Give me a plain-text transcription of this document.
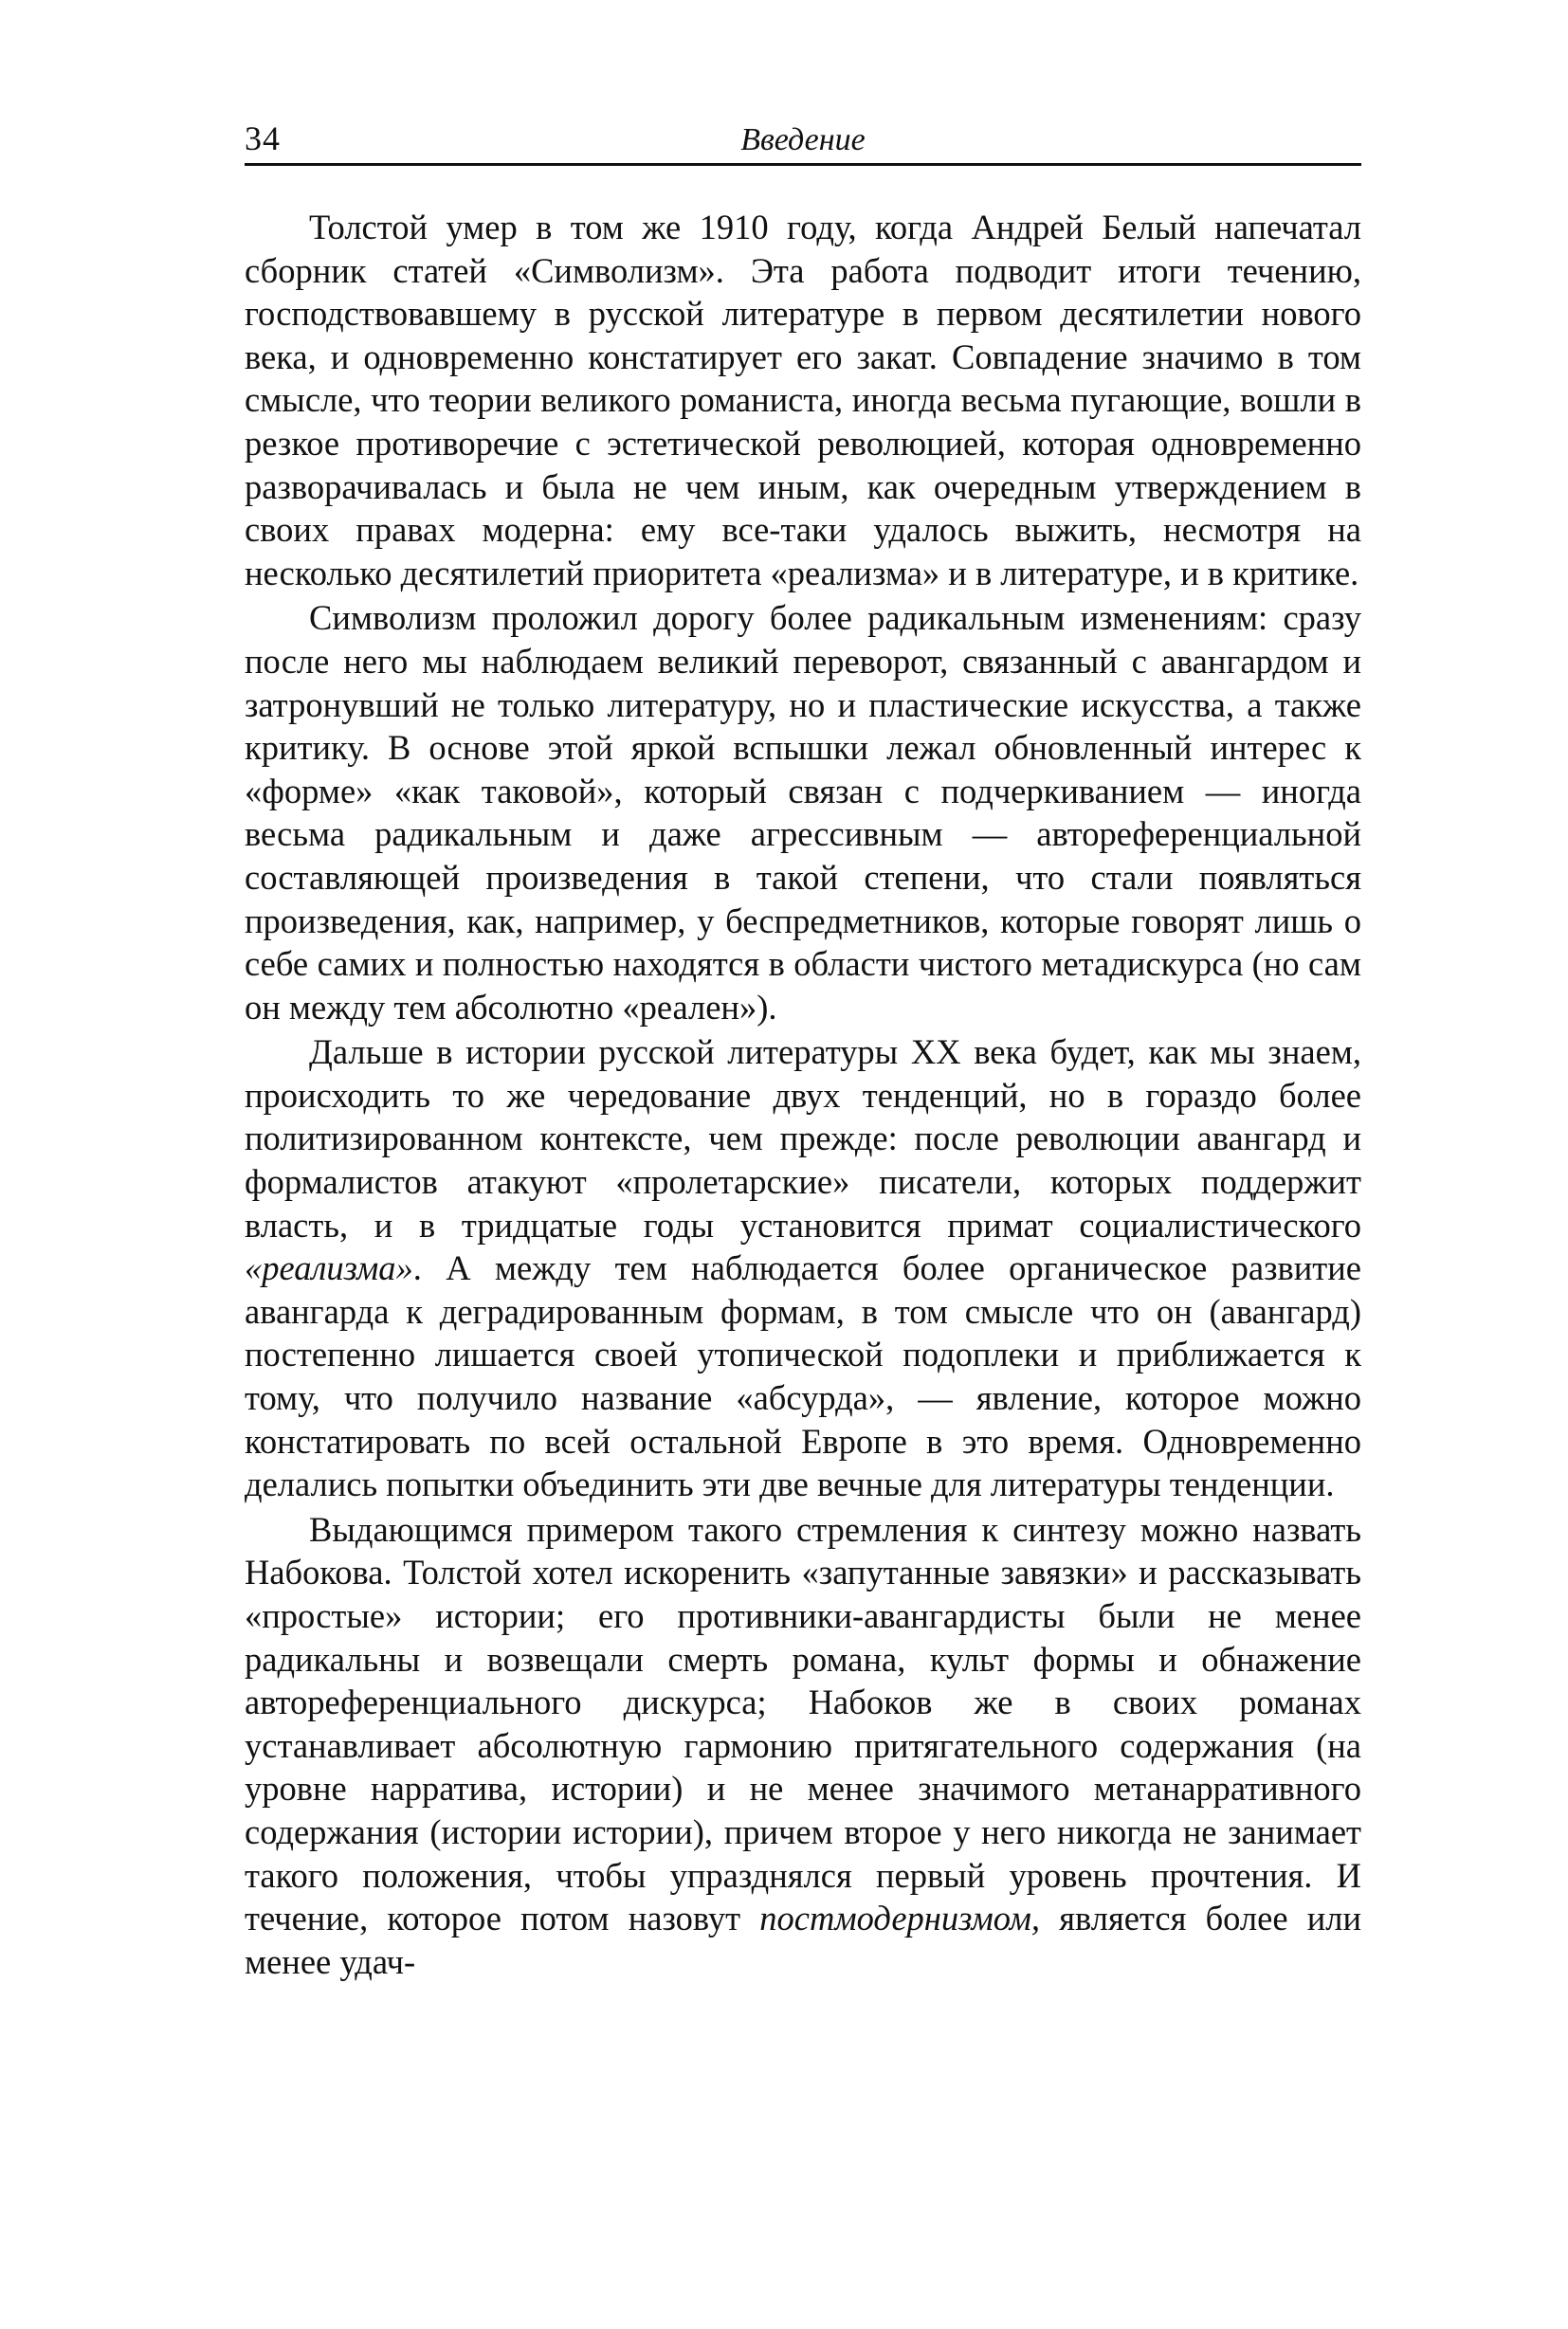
34	Введение

Толстой умер в том же 1910 году, когда Андрей Белый напечатал сборник статей «Символизм». Эта работа подводит итоги течению, господствовавшему в русской литературе в первом десятилетии нового века, и одновременно констатирует его закат. Совпадение значимо в том смысле, что теории великого романиста, иногда весьма пугающие, вошли в резкое противоречие с эстетической революцией, которая одновременно разворачивалась и была не чем иным, как очередным утверждением в своих правах модерна: ему все-таки удалось выжить, несмотря на несколько десятилетий приоритета «реализма» и в литературе, и в критике.

Символизм проложил дорогу более радикальным изменениям: сразу после него мы наблюдаем великий переворот, связанный с авангардом и затронувший не только литературу, но и пластические искусства, а также критику. В основе этой яркой вспышки лежал обновленный интерес к «форме» «как таковой», который связан с подчеркиванием — иногда весьма радикальным и даже агрессивным — автореференциальной составляющей произведения в такой степени, что стали появляться произведения, как, например, у беспредметников, которые говорят лишь о себе самих и полностью находятся в области чистого метадискурса (но сам он между тем абсолютно «реален»).

Дальше в истории русской литературы XX века будет, как мы знаем, происходить то же чередование двух тенденций, но в гораздо более политизированном контексте, чем прежде: после революции авангард и формалистов атакуют «пролетарские» писатели, которых поддержит власть, и в тридцатые годы установится примат социалистического «реализма». А между тем наблюдается более органическое развитие авангарда к деградированным формам, в том смысле что он (авангард) постепенно лишается своей утопической подоплеки и приближается к тому, что получило название «абсурда», — явление, которое можно констатировать по всей остальной Европе в это время. Одновременно делались попытки объединить эти две вечные для литературы тенденции.

Выдающимся примером такого стремления к синтезу можно назвать Набокова. Толстой хотел искоренить «запутанные завязки» и рассказывать «простые» истории; его противники-авангардисты были не менее радикальны и возвещали смерть романа, культ формы и обнажение автореференциального дискурса; Набоков же в своих романах устанавливает абсолютную гармонию притягательного содержания (на уровне нарратива, истории) и не менее значимого метанарративного содержания (истории истории), причем второе у него никогда не занимает такого положения, чтобы упразднялся первый уровень прочтения. И течение, которое потом назовут постмодернизмом, является более или менее удач-
